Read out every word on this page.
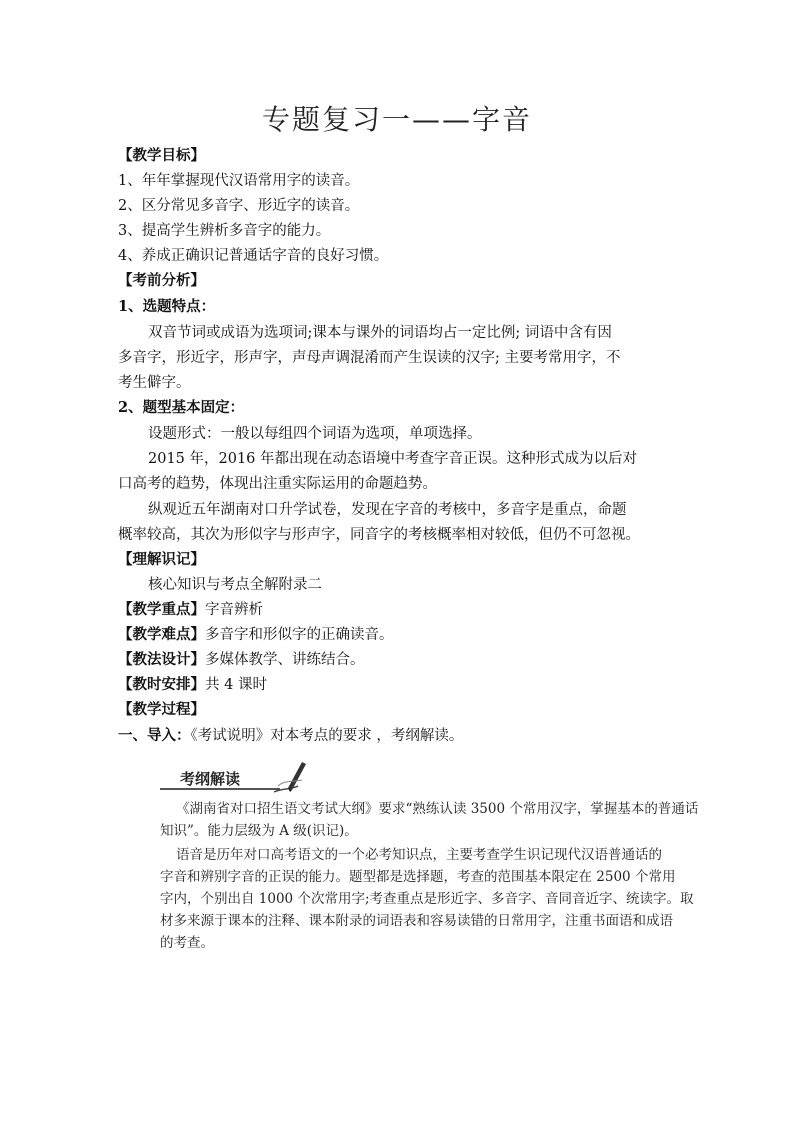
专题复习一——字音
【教学目标】
1、年年掌握现代汉语常用字的读音。
2、区分常见多音字、形近字的读音。
3、提高学生辨析多音字的能力。
4、养成正确识记普通话字音的良好习惯。
【考前分析】
1、选题特点：
双音节词或成语为选项词;课本与课外的词语均占一定比例; 词语中含有因
多音字，形近字，形声字，声母声调混淆而产生误读的汉字; 主要考常用字，不
考生僻字。
2、题型基本固定：
设题形式：一般以每组四个词语为选项，单项选择。
2015 年，2016 年都出现在动态语境中考查字音正误。这种形式成为以后对
口高考的趋势，体现出注重实际运用的命题趋势。
纵观近五年湖南对口升学试卷，发现在字音的考核中，多音字是重点，命题
概率较高，其次为形似字与形声字，同音字的考核概率相对较低，但仍不可忽视。
【理解识记】
核心知识与考点全解附录二
【教学重点】字音辨析
【教学难点】多音字和形似字的正确读音。
【教法设计】多媒体教学、讲练结合。
【教时安排】共 4 课时
【教学过程】
一、导入：《考试说明》对本考点的要求 ，考纲解读。
考纲解读
《湖南省对口招生语文考试大纲》要求“熟练认读 3500 个常用汉字，掌握基本的普通话
知识”。能力层级为 A 级(识记)。
语音是历年对口高考语文的一个必考知识点，主要考查学生识记现代汉语普通话的
字音和辨别字音的正误的能力。题型都是选择题，考查的范围基本限定在 2500 个常用
字内，个别出自 1000 个次常用字;考查重点是形近字、多音字、音同音近字、统读字。取
材多来源于课本的注释、课本附录的词语表和容易读错的日常用字，注重书面语和成语
的考查。
